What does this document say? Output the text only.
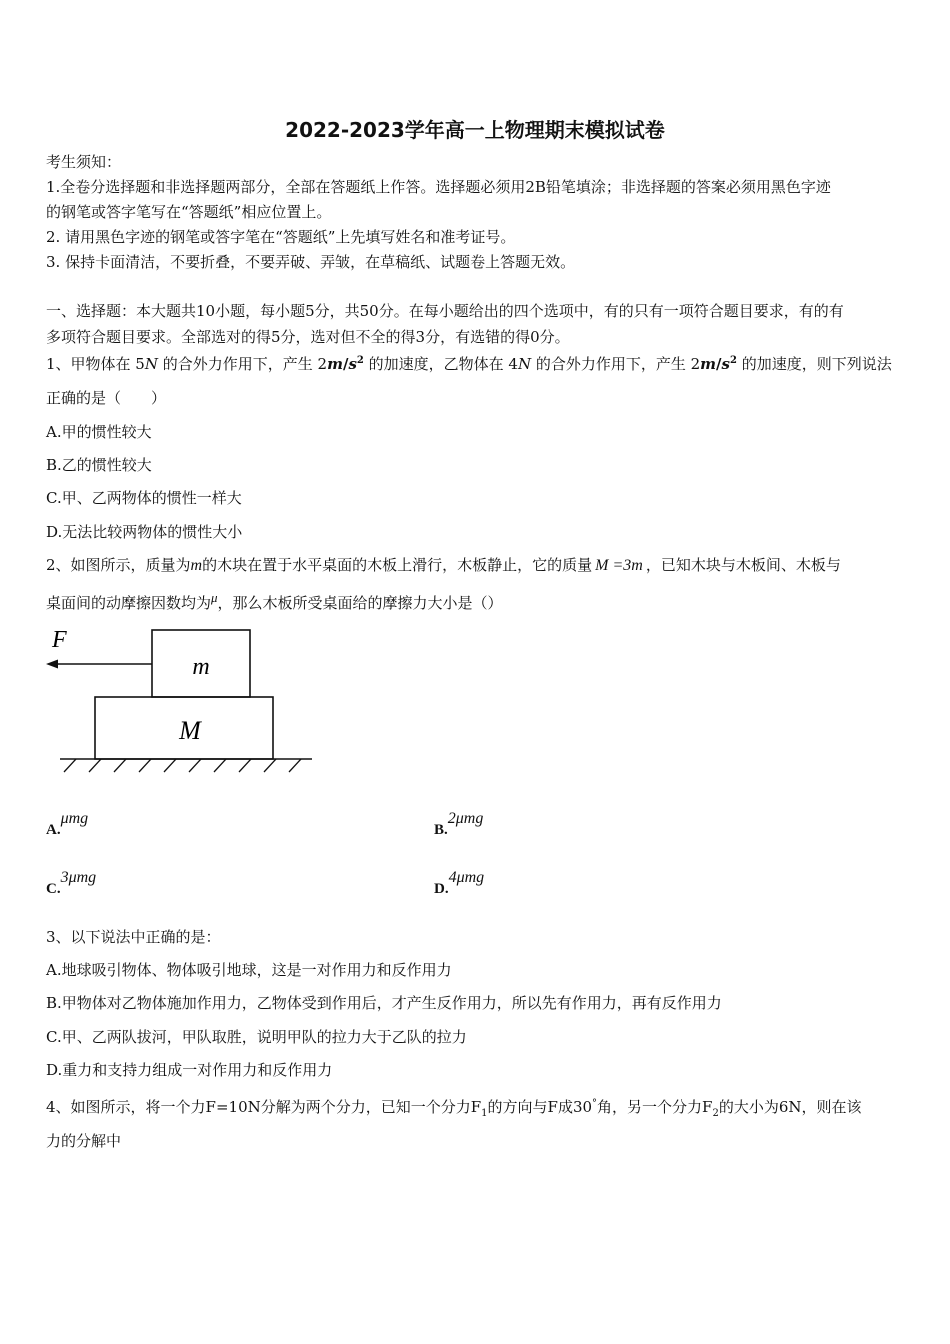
2022-2023学年高一上物理期末模拟试卷
考生须知：
1.全卷分选择题和非选择题两部分，全部在答题纸上作答。选择题必须用2B铅笔填涂；非选择题的答案必须用黑色字迹
的钢笔或答字笔写在“答题纸”相应位置上。
2. 请用黑色字迹的钢笔或答字笔在“答题纸”上先填写姓名和准考证号。
3. 保持卡面清洁，不要折叠，不要弄破、弄皱，在草稿纸、试题卷上答题无效。
一、选择题：本大题共10小题，每小题5分，共50分。在每小题给出的四个选项中，有的只有一项符合题目要求，有的有
多项符合题目要求。全部选对的得5分，选对但不全的得3分，有选错的得0分。
1、甲物体在 5N 的合外力作用下，产生 $2m/s^2$ 的加速度，乙物体在 4N 的合外力作用下，产生 $2m/s^2$ 的加速度，则下列说法
正确的是（　　）
A.甲的惯性较大
B.乙的惯性较大
C.甲、乙两物体的惯性一样大
D.无法比较两物体的惯性大小
2、如图所示，质量为m的木块在置于水平桌面的木板上滑行，木板静止，它的质量 M =3m ，已知木块与木板间、木板与
桌面间的动摩擦因数均为μ，那么木板所受桌面给的摩擦力大小是（）
F
m
M
A.μmg
B.2μmg
C.3μmg
D.4μmg
3、以下说法中正确的是：
A.地球吸引物体、物体吸引地球，这是一对作用力和反作用力
B.甲物体对乙物体施加作用力，乙物体受到作用后，才产生反作用力，所以先有作用力，再有反作用力
C.甲、乙两队拔河，甲队取胜，说明甲队的拉力大于乙队的拉力
D.重力和支持力组成一对作用力和反作用力
4、如图所示，将一个力F=10N分解为两个分力，已知一个分力$F_1$的方向与F成30°角，另一个分力$F_2$的大小为6N，则在该
力的分解中
